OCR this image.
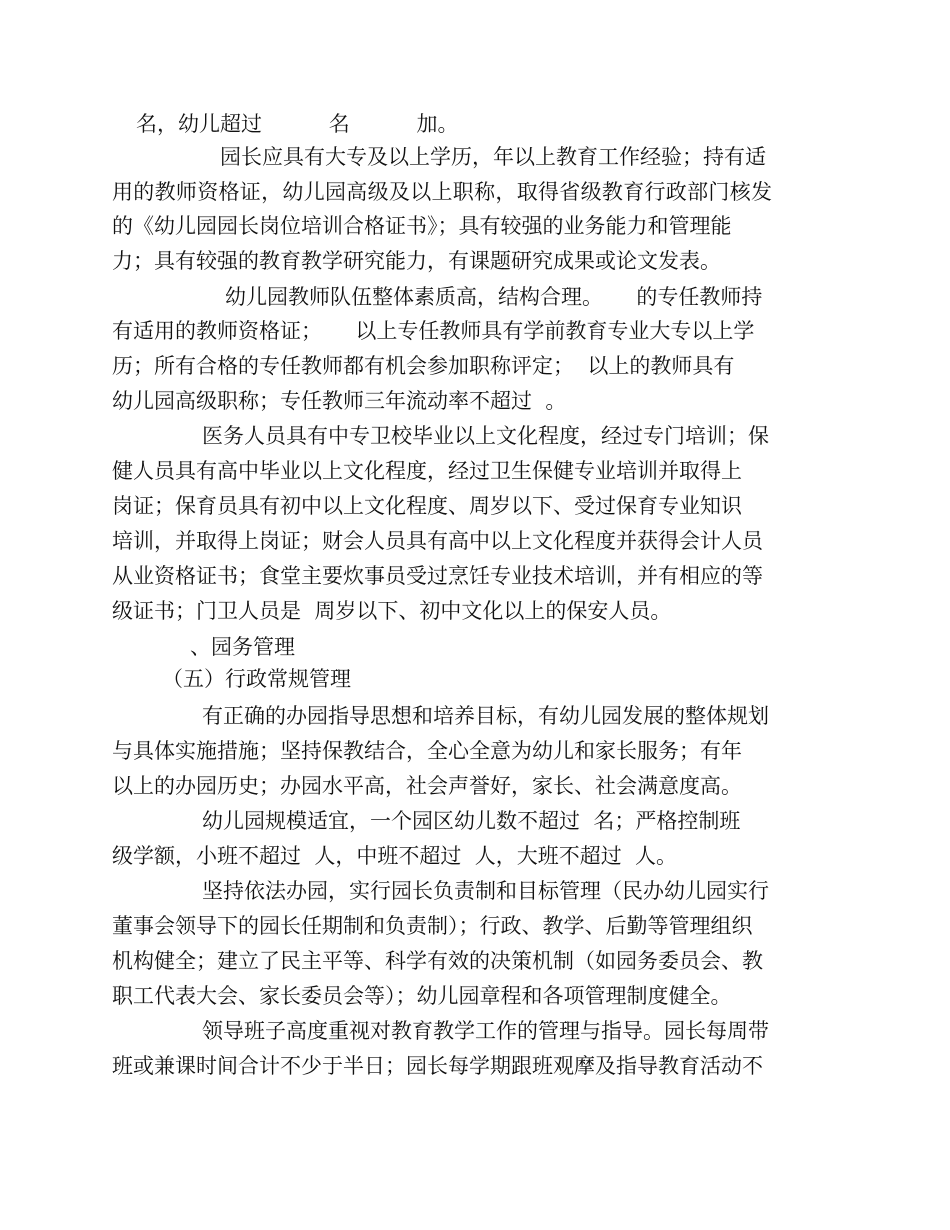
名，幼儿超过          名          加。
园长应具有大专及以上学历，年以上教育工作经验；持有适
用的教师资格证，幼儿园高级及以上职称，取得省级教育行政部门核发
的《幼儿园园长岗位培训合格证书》；具有较强的业务能力和管理能
力；具有较强的教育教学研究能力，有课题研究成果或论文发表。
幼儿园教师队伍整体素质高，结构合理。     的专任教师持
有适用的教师资格证；     以上专任教师具有学前教育专业大专以上学
历；所有合格的专任教师都有机会参加职称评定；  以上的教师具有
幼儿园高级职称；专任教师三年流动率不超过  。
医务人员具有中专卫校毕业以上文化程度，经过专门培训；保
健人员具有高中毕业以上文化程度，经过卫生保健专业培训并取得上
岗证；保育员具有初中以上文化程度、周岁以下、受过保育专业知识
培训，并取得上岗证；财会人员具有高中以上文化程度并获得会计人员
从业资格证书；食堂主要炊事员受过烹饪专业技术培训，并有相应的等
级证书；门卫人员是  周岁以下、初中文化以上的保安人员。
、园务管理
（五）行政常规管理
有正确的办园指导思想和培养目标，有幼儿园发展的整体规划
与具体实施措施；坚持保教结合，全心全意为幼儿和家长服务；有年
以上的办园历史；办园水平高，社会声誉好，家长、社会满意度高。
幼儿园规模适宜，一个园区幼儿数不超过  名；严格控制班
级学额，小班不超过  人，中班不超过  人，大班不超过  人。
坚持依法办园，实行园长负责制和目标管理（民办幼儿园实行
董事会领导下的园长任期制和负责制）；行政、教学、后勤等管理组织
机构健全；建立了民主平等、科学有效的决策机制（如园务委员会、教
职工代表大会、家长委员会等）；幼儿园章程和各项管理制度健全。
领导班子高度重视对教育教学工作的管理与指导。园长每周带
班或兼课时间合计不少于半日；园长每学期跟班观摩及指导教育活动不
